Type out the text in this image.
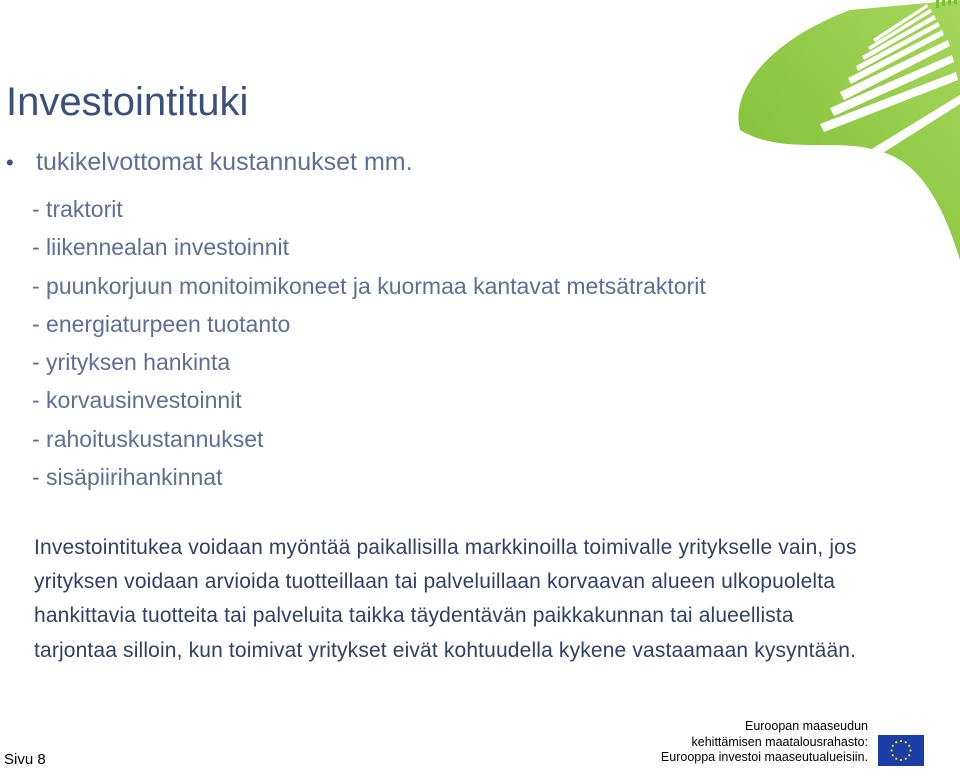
Investointituki
• tukikelvottomat kustannukset mm.
- traktorit
- liikennealan investoinnit
- puunkorjuun monitoimikoneet ja kuormaa kantavat metsätraktorit
- energiaturpeen tuotanto
- yrityksen hankinta
- korvausinvestoinnit
- rahoituskustannukset
- sisäpiirihankinnat
Investointitukea voidaan myöntää paikallisilla markkinoilla toimivalle yritykselle vain, jos yrityksen voidaan arvioida tuotteillaan tai palveluillaan korvaavan alueen ulkopuolelta hankittavia tuotteita tai palveluita taikka täydentävän paikkakunnan tai alueellista tarjontaa silloin, kun toimivat yritykset eivät kohtuudella kykene vastaamaan kysyntään.
Sivu 8
Euroopan maaseudun
kehittämisen maatalousrahasto:
Eurooppa investoi maaseutualueisiin.
